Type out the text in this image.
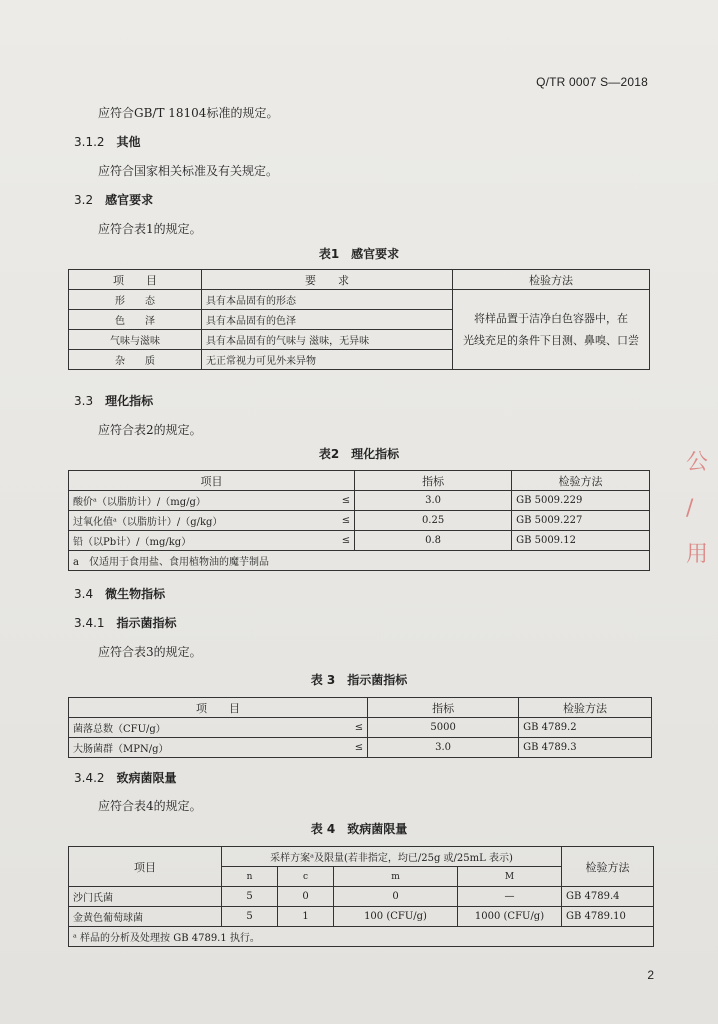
Q/TR 0007 S—2018
应符合GB/T 18104标准的规定。
3.1.2 其他
应符合国家相关标准及有关规定。
3.2 感官要求
应符合表1的规定。
表1　感官要求
项　　目	要　　求	检验方法
形　　态	具有本品固有的形态	将样品置于洁净白色容器中，在
光线充足的条件下目测、鼻嗅、口尝

色　　泽	具有本品固有的色泽	
气味与滋味	具有本品固有的气味与 滋味，无异味	
杂　　质	无正常视力可见外来异物	
3.3 理化指标
应符合表2的规定。
表2　理化指标
项目		指标	检验方法
酸价ᵃ（以脂肪计）/（mg/g）	≤	3.0	GB 5009.229
过氧化值ᵃ（以脂肪计）/（g/kg）	≤	0.25	GB 5009.227
铅（以Pb计）/（mg/kg）	≤	0.8	GB 5009.12
a　仅适用于食用盐、食用植物油的魔芋制品			
3.4 微生物指标
3.4.1 指示菌指标
应符合表3的规定。
表 3　指示菌指标
项　　目		指标	检验方法
菌落总数（CFU/g）	≤	5000	GB 4789.2
大肠菌群（MPN/g）	≤	3.0	GB 4789.3
3.4.2 致病菌限量
应符合表4的规定。
表 4　致病菌限量
项目	采样方案ᵃ及限量(若非指定，均已/25g 或/25mL 表示)				检验方法
	n	c	m	M	
沙门氏菌	5	0	0	—	GB 4789.4
金黄色葡萄球菌	5	1	100 (CFU/g)	1000 (CFU/g)	GB 4789.10
ᵃ 样品的分析及处理按 GB 4789.1 执行。					
2
公
/
用
